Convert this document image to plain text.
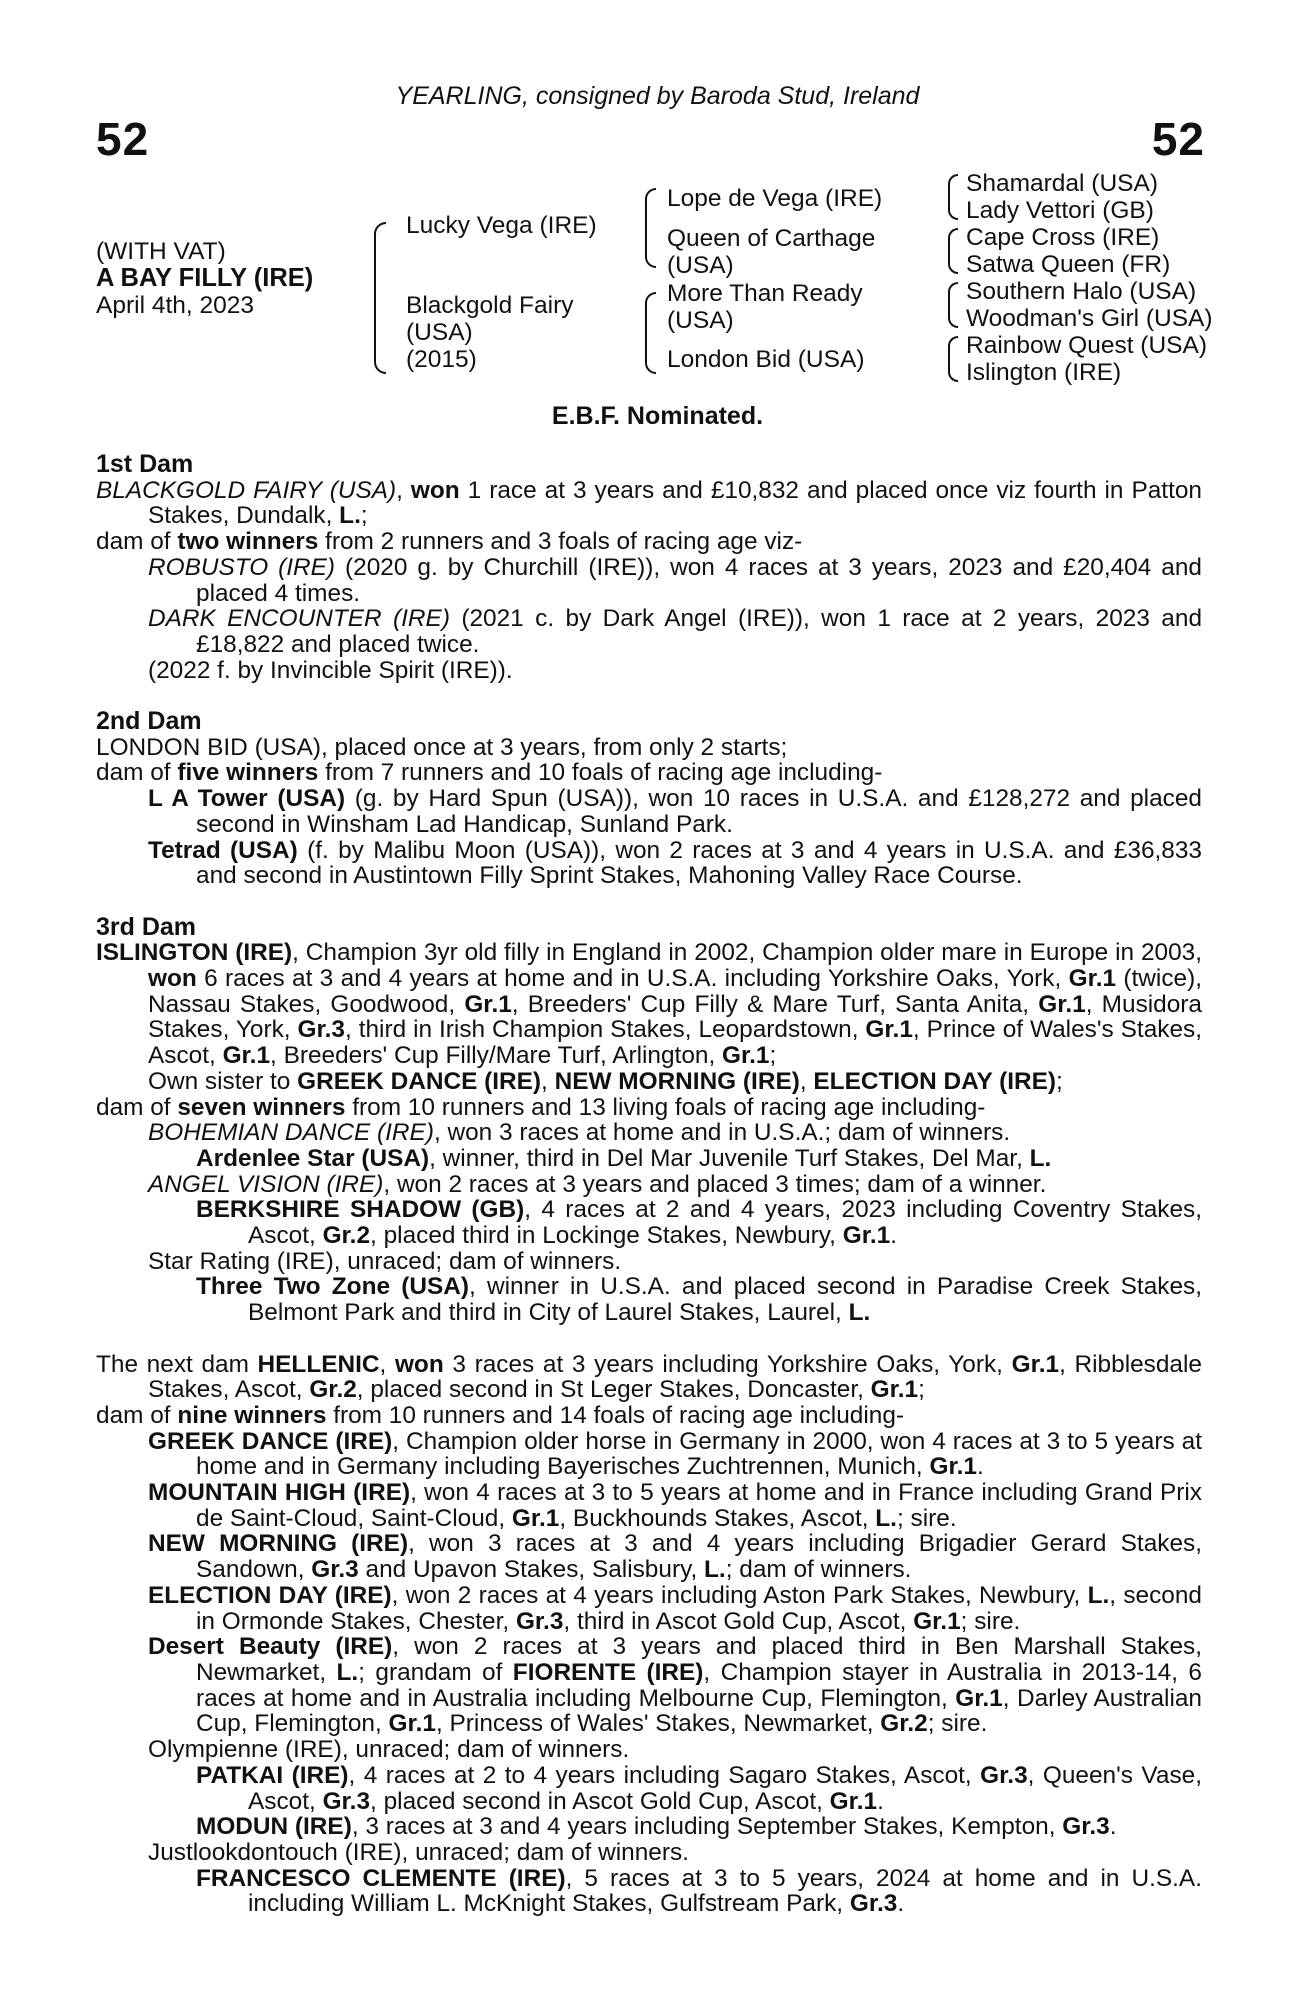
YEARLING, consigned by Baroda Stud, Ireland
52	52
(WITH VAT)
A BAY FILLY (IRE)
April 4th, 2023
Lucky Vega (IRE)
Blackgold Fairy
(USA)
(2015)
Lope de Vega (IRE)
Queen of Carthage
(USA)
More Than Ready
(USA)
London Bid (USA)
Shamardal (USA)
Lady Vettori (GB)
Cape Cross (IRE)
Satwa Queen (FR)
Southern Halo (USA)
Woodman's Girl (USA)
Rainbow Quest (USA)
Islington (IRE)
E.B.F. Nominated.
1st Dam
BLACKGOLD FAIRY (USA), won 1 race at 3 years and £10,832 and placed once viz fourth in Patton Stakes, Dundalk, L.;
dam of two winners from 2 runners and 3 foals of racing age viz-
ROBUSTO (IRE) (2020 g. by Churchill (IRE)), won 4 races at 3 years, 2023 and £20,404 and placed 4 times.
DARK ENCOUNTER (IRE) (2021 c. by Dark Angel (IRE)), won 1 race at 2 years, 2023 and £18,822 and placed twice.
(2022 f. by Invincible Spirit (IRE)).
2nd Dam
LONDON BID (USA), placed once at 3 years, from only 2 starts;
dam of five winners from 7 runners and 10 foals of racing age including-
L A Tower (USA) (g. by Hard Spun (USA)), won 10 races in U.S.A. and £128,272 and placed second in Winsham Lad Handicap, Sunland Park.
Tetrad (USA) (f. by Malibu Moon (USA)), won 2 races at 3 and 4 years in U.S.A. and £36,833 and second in Austintown Filly Sprint Stakes, Mahoning Valley Race Course.
3rd Dam
ISLINGTON (IRE), Champion 3yr old filly in England in 2002, Champion older mare in Europe in 2003, won 6 races at 3 and 4 years at home and in U.S.A. including Yorkshire Oaks, York, Gr.1 (twice), Nassau Stakes, Goodwood, Gr.1, Breeders' Cup Filly & Mare Turf, Santa Anita, Gr.1, Musidora Stakes, York, Gr.3, third in Irish Champion Stakes, Leopardstown, Gr.1, Prince of Wales's Stakes, Ascot, Gr.1, Breeders' Cup Filly/Mare Turf, Arlington, Gr.1;
Own sister to GREEK DANCE (IRE), NEW MORNING (IRE), ELECTION DAY (IRE);
dam of seven winners from 10 runners and 13 living foals of racing age including-
BOHEMIAN DANCE (IRE), won 3 races at home and in U.S.A.; dam of winners.
Ardenlee Star (USA), winner, third in Del Mar Juvenile Turf Stakes, Del Mar, L.
ANGEL VISION (IRE), won 2 races at 3 years and placed 3 times; dam of a winner.
BERKSHIRE SHADOW (GB), 4 races at 2 and 4 years, 2023 including Coventry Stakes, Ascot, Gr.2, placed third in Lockinge Stakes, Newbury, Gr.1.
Star Rating (IRE), unraced; dam of winners.
Three Two Zone (USA), winner in U.S.A. and placed second in Paradise Creek Stakes, Belmont Park and third in City of Laurel Stakes, Laurel, L.
The next dam HELLENIC, won 3 races at 3 years including Yorkshire Oaks, York, Gr.1, Ribblesdale Stakes, Ascot, Gr.2, placed second in St Leger Stakes, Doncaster, Gr.1;
dam of nine winners from 10 runners and 14 foals of racing age including-
GREEK DANCE (IRE), Champion older horse in Germany in 2000, won 4 races at 3 to 5 years at home and in Germany including Bayerisches Zuchtrennen, Munich, Gr.1.
MOUNTAIN HIGH (IRE), won 4 races at 3 to 5 years at home and in France including Grand Prix de Saint-Cloud, Saint-Cloud, Gr.1, Buckhounds Stakes, Ascot, L.; sire.
NEW MORNING (IRE), won 3 races at 3 and 4 years including Brigadier Gerard Stakes, Sandown, Gr.3 and Upavon Stakes, Salisbury, L.; dam of winners.
ELECTION DAY (IRE), won 2 races at 4 years including Aston Park Stakes, Newbury, L., second in Ormonde Stakes, Chester, Gr.3, third in Ascot Gold Cup, Ascot, Gr.1; sire.
Desert Beauty (IRE), won 2 races at 3 years and placed third in Ben Marshall Stakes, Newmarket, L.; grandam of FIORENTE (IRE), Champion stayer in Australia in 2013-14, 6 races at home and in Australia including Melbourne Cup, Flemington, Gr.1, Darley Australian Cup, Flemington, Gr.1, Princess of Wales' Stakes, Newmarket, Gr.2; sire.
Olympienne (IRE), unraced; dam of winners.
PATKAI (IRE), 4 races at 2 to 4 years including Sagaro Stakes, Ascot, Gr.3, Queen's Vase, Ascot, Gr.3, placed second in Ascot Gold Cup, Ascot, Gr.1.
MODUN (IRE), 3 races at 3 and 4 years including September Stakes, Kempton, Gr.3.
Justlookdontouch (IRE), unraced; dam of winners.
FRANCESCO CLEMENTE (IRE), 5 races at 3 to 5 years, 2024 at home and in U.S.A. including William L. McKnight Stakes, Gulfstream Park, Gr.3.
